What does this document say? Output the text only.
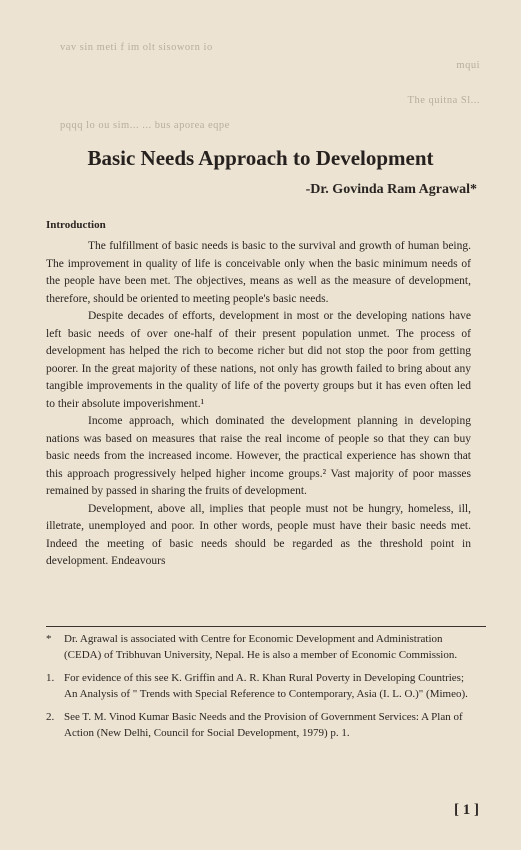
vav sin meti f im olt sisoworn io
mqui
The quitna Sl...
pqqq lo ou sim... ... bus aporea eqpe
Basic Needs Approach to Development
-Dr. Govinda Ram Agrawal*
Introduction

The fulfillment of basic needs is basic to the survival and growth of human being. The improvement in quality of life is conceivable only when the basic minimum needs of the people have been met. The objectives, means as well as the measure of development, therefore, should be oriented to meeting people's basic needs.

Despite decades of efforts, development in most or the developing nations have left basic needs of over one-half of their present population unmet. The process of development has helped the rich to become richer but did not stop the poor from getting poorer. In the great majority of these nations, not only has growth failed to bring about any tangible improvements in the quality of life of the poverty groups but it has even often led to their absolute impoverishment.¹

Income approach, which dominated the development planning in developing nations was based on measures that raise the real income of people so that they can buy basic needs from the increased income. However, the practical experience has shown that this approach progressively helped higher income groups.² Vast majority of poor masses remained by passed in sharing the fruits of development.

Development, above all, implies that people must not be hungry, homeless, ill, illetrate, unemployed and poor. In other words, people must have their basic needs met. Indeed the meeting of basic needs should be regarded as the threshold point in development. Endeavours

* Dr. Agrawal is associated with Centre for Economic Development and Administration (CEDA) of Tribhuvan University, Nepal. He is also a member of Economic Commission.
1. For evidence of this see K. Griffin and A. R. Khan Rural Poverty in Developing Countries; An Analysis of " Trends with Special Reference to Contemporary, Asia (I. L. O.)" (Mimeo).
2. See T. M. Vinod Kumar Basic Needs and the Provision of Government Services: A Plan of Action (New Delhi, Council for Social Development, 1979) p. 1.
[ 1 ]
